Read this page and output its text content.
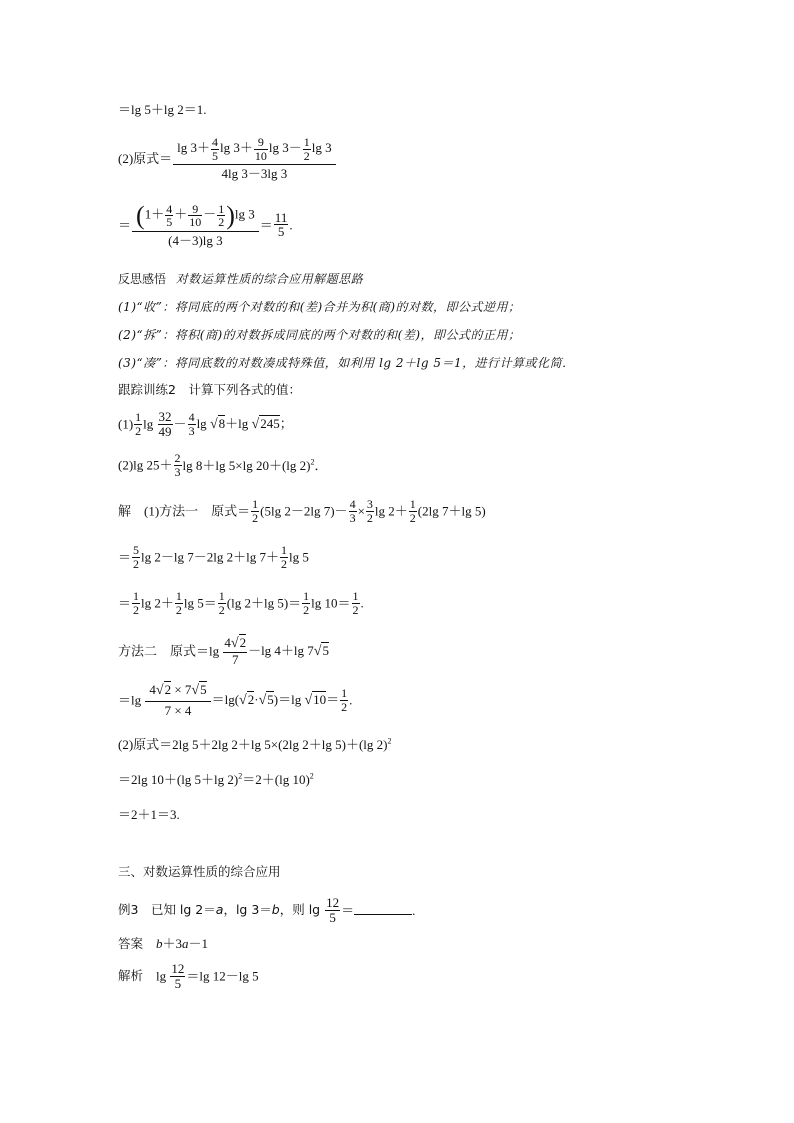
＝lg 5＋lg 2＝1.
(2)原式＝ $\frac{\lg 3+ \frac{4}{5} \lg 3+ \frac{9}{10} \lg 3- \frac{1}{2} \lg 3}{4\lg 3-3\lg 3}$
＝ $\frac{(1+ \frac{4}{5} + \frac{9}{10} - \frac{1}{2} )\lg 3}{(4-3)\lg 3} = \frac{11}{5}$ .
反思感悟 对数运算性质的综合应用解题思路
(1)“收”：将同底的两个对数的和(差)合并为积(商)的对数，即公式逆用；
(2)“拆”：将积(商)的对数拆成同底的两个对数的和(差)，即公式的正用；
(3)“凑”：将同底数的对数凑成特殊值，如利用 lg 2＋lg 5＝1，进行计算或化简．
跟踪训练2　计算下列各式的值：
$(1) \frac{1}{2}$ $\lg \frac{32}{49} - \frac{4}{3}$ lg √8＋lg √245；
(2)lg $25+ \frac{2}{3}$ lg 8＋lg 5×lg 20＋(lg 2)$^2$．
解　(1)方法一　原式＝ $\frac{1}{2} (5\lg$ 2－2lg $7)- \frac{4}{3} \times \frac{3}{2}$ $\lg 2+ \frac{1}{2} (2\lg$ 7＋lg 5)
＝ $\frac{5}{2}$ lg 2－lg 7－2lg 2＋lg $7+ \frac{1}{2}$ lg 5
＝ $\frac{1}{2}$ $\lg 2+ \frac{1}{2}$ $\lg 5= \frac{1}{2} (\lg$ 2＋lg $5)= \frac{1}{2}$ $\lg 10= \frac{1}{2}$ .
方法二　原式$=\lg \frac{4√2}{7} -\lg$ 4＋lg 7√5
$=\lg \frac{4√2 \times 7√5}{7 \times 4} =\lg(√2\cdot√5)=\lg$ $√10= \frac{1}{2}$ .
(2)原式＝2lg 5＋2lg 2＋lg 5×(2lg 2＋lg 5)＋(lg 2)$^2$
＝2lg 10＋(lg 5＋lg 2)$^2$＝2＋(lg 10)$^2$
＝2＋1＝3.
三、对数运算性质的综合应用
例3　已知 lg 2＝a，lg 3＝b，则 $\lg \frac{12}{5}$ ＝	.
答案　 b＋3a－1
解析　$\lg \frac{12}{5} =\lg$ 12－lg 5
